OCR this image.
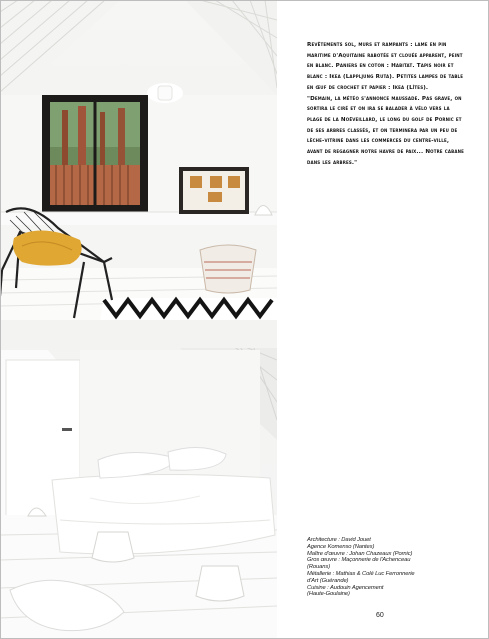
Revêtements sol, murs et rampants : lame en pin maritime d'Aquitaine rabotée et clouée apparent, peint en blanc. Paniers en coton : Habitat. Tapis noir et blanc : Ikea (Lappljung Ruta). Petites lampes de table en œuf de crochet et papier : Ikea (Lîtes).

"Demain, la météo s'annonce maussade. Pas grave, on sortira le ciré et on ira se balader à vélo vers la plage de la Noëveillard, le long du golf de Pornic et de ses arbres classés, et on terminera par un peu de lèche-vitrine dans les commerces du centre-ville, avant de regagner notre havre de paix... Notre cabane dans les arbres."

Architecture : David Jouet
Agence Komenso (Nantes)
Maître d'œuvre : Johan Chazeaux (Pornic)
Gros œuvre : Maçonnerie de l'Achenceau
(Rouans)
Métallerie : Mathias & Colé Luc Ferronnerie
d'Art (Guérande)
Cuisine : Audouin Agencement
(Haute-Goulaine)
60
